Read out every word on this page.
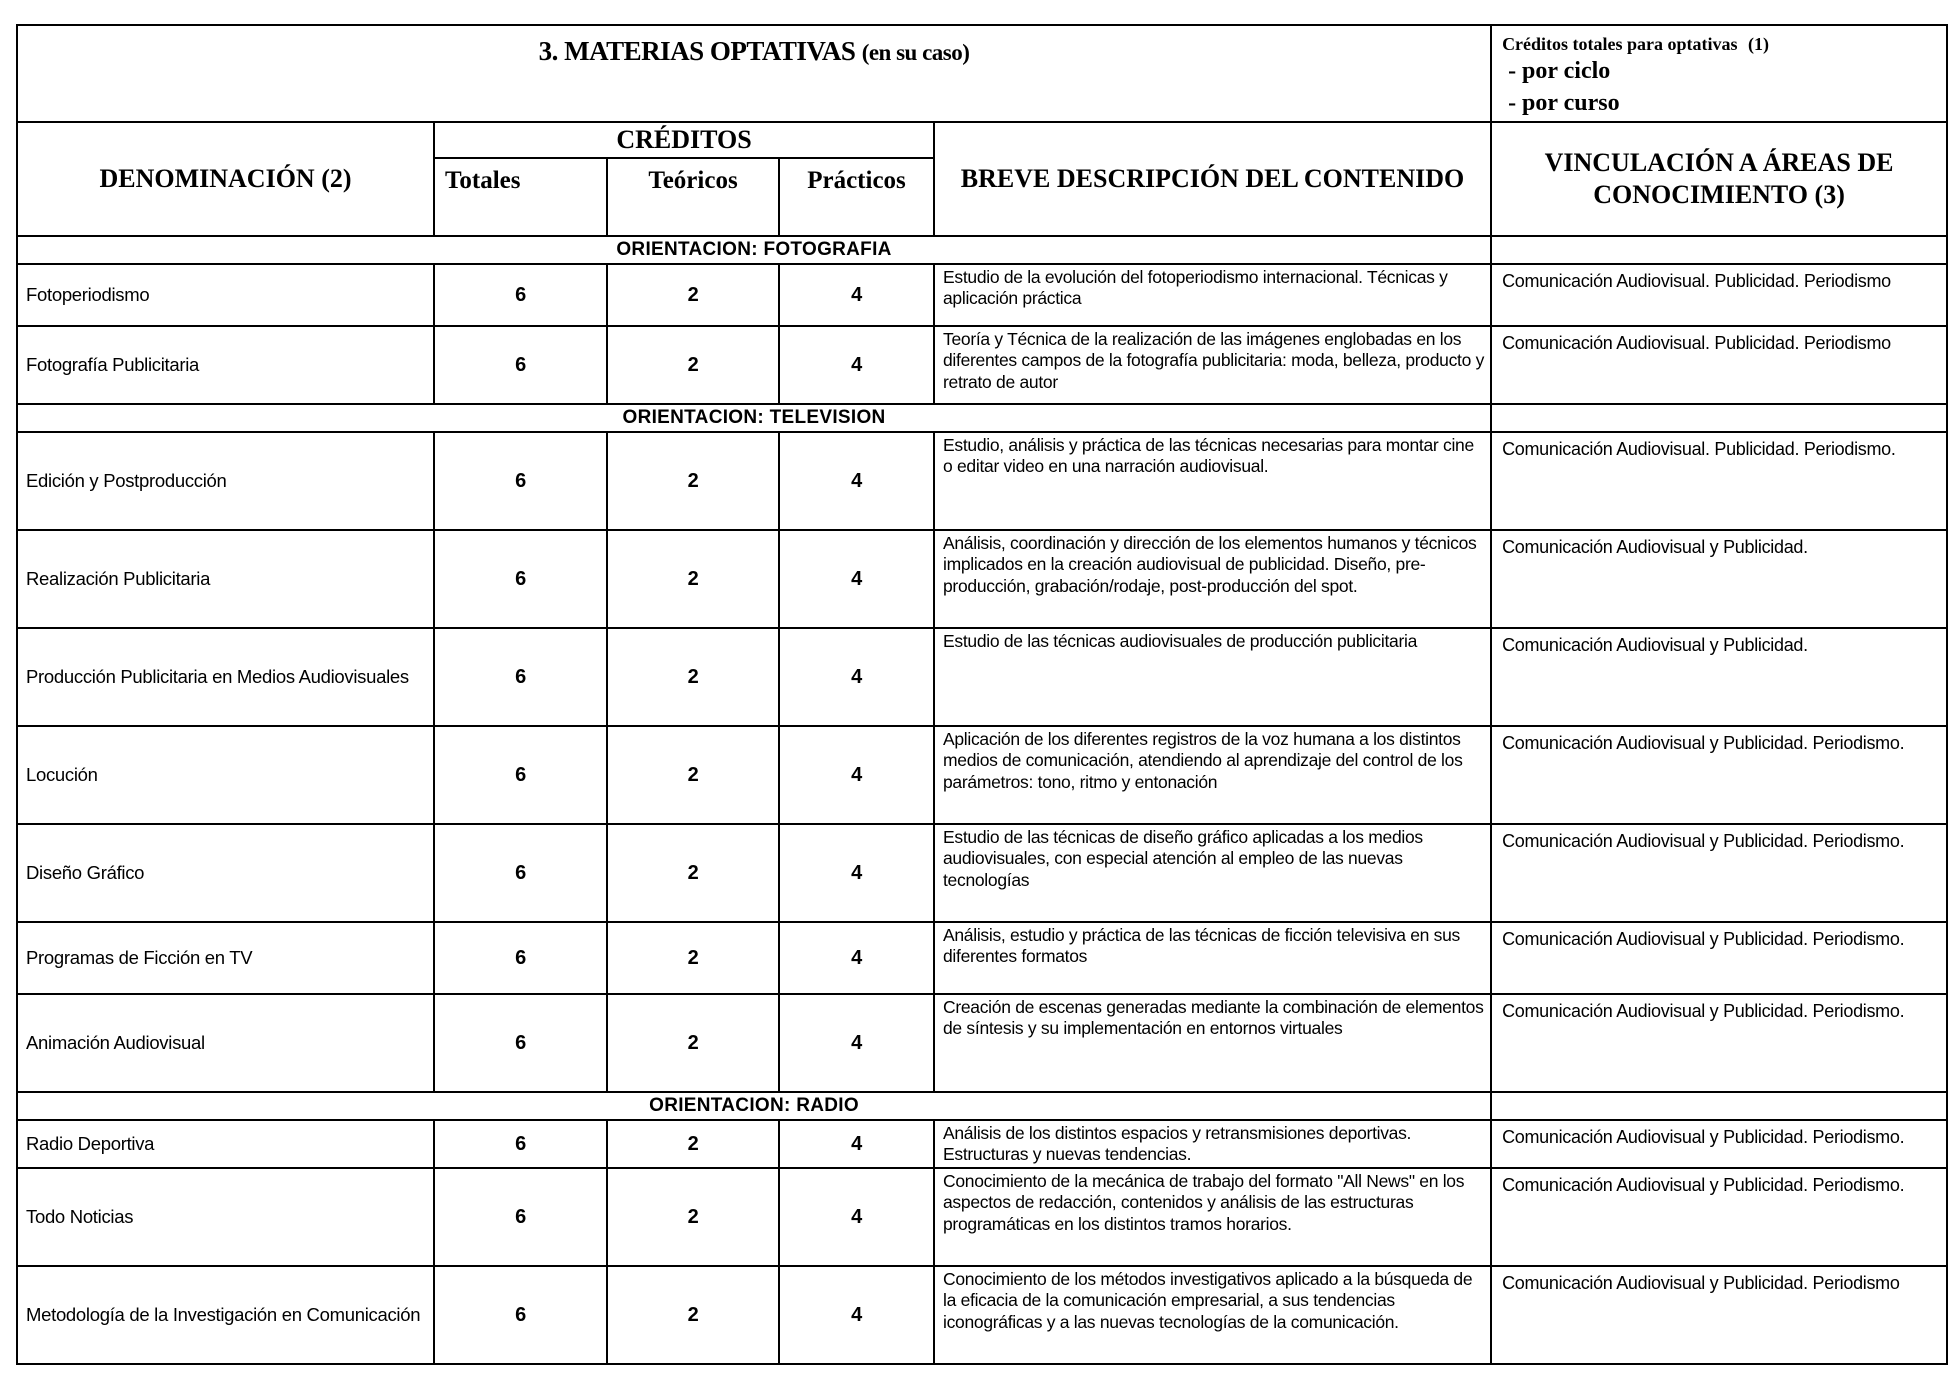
3. MATERIAS OPTATIVAS (en su caso)					Créditos totales para optativas (1)
- por ciclo
- por curso

DENOMINACIÓN (2)	CRÉDITOS			BREVE DESCRIPCIÓN DEL CONTENIDO	VINCULACIÓN A ÁREAS DE CONOCIMIENTO (3)
	Totales	Teóricos	Prácticos		
ORIENTACION: FOTOGRAFIA					
Fotoperiodismo	6	2	4	Estudio de la evolución del fotoperiodismo internacional. Técnicas y aplicación práctica	Comunicación Audiovisual. Publicidad. Periodismo
Fotografía Publicitaria	6	2	4	Teoría y Técnica de la realización de las imágenes englobadas en los diferentes campos de la fotografía publicitaria: moda, belleza, producto y retrato de autor	Comunicación Audiovisual. Publicidad. Periodismo
ORIENTACION: TELEVISION					
Edición y Postproducción	6	2	4	Estudio, análisis y práctica de las técnicas necesarias para montar cine o editar video en una narración audiovisual.	Comunicación Audiovisual. Publicidad. Periodismo.
Realización Publicitaria	6	2	4	Análisis, coordinación y dirección de los elementos humanos y técnicos implicados en la creación audiovisual de publicidad. Diseño, pre-producción, grabación/rodaje, post-producción del spot.	Comunicación Audiovisual y Publicidad.
Producción Publicitaria en Medios Audiovisuales	6	2	4	Estudio de las técnicas audiovisuales de producción publicitaria	Comunicación Audiovisual y Publicidad.
Locución	6	2	4	Aplicación de los diferentes registros de la voz humana a los distintos medios de comunicación, atendiendo al aprendizaje del control de los parámetros: tono, ritmo y entonación	Comunicación Audiovisual y Publicidad. Periodismo.
Diseño Gráfico	6	2	4	Estudio de las técnicas de diseño gráfico aplicadas a los medios audiovisuales, con especial atención al empleo de las nuevas tecnologías	Comunicación Audiovisual y Publicidad. Periodismo.
Programas de Ficción en TV	6	2	4	Análisis, estudio y práctica de las técnicas de ficción televisiva en sus diferentes formatos	Comunicación Audiovisual y Publicidad. Periodismo.
Animación Audiovisual	6	2	4	Creación de escenas generadas mediante la combinación de elementos de síntesis y su implementación en entornos virtuales	Comunicación Audiovisual y Publicidad. Periodismo.
ORIENTACION: RADIO					
Radio Deportiva	6	2	4	Análisis de los distintos espacios y retransmisiones deportivas. Estructuras y nuevas tendencias.	Comunicación Audiovisual y Publicidad. Periodismo.
Todo Noticias	6	2	4	Conocimiento de la mecánica de trabajo del formato "All News" en los aspectos de redacción, contenidos y análisis de las estructuras programáticas en los distintos tramos horarios.	Comunicación Audiovisual y Publicidad. Periodismo.
Metodología de la Investigación en Comunicación	6	2	4	Conocimiento de los métodos investigativos aplicado a la búsqueda de la eficacia de la comunicación empresarial, a sus tendencias iconográficas y a las nuevas tecnologías de la comunicación.	Comunicación Audiovisual y Publicidad. Periodismo
